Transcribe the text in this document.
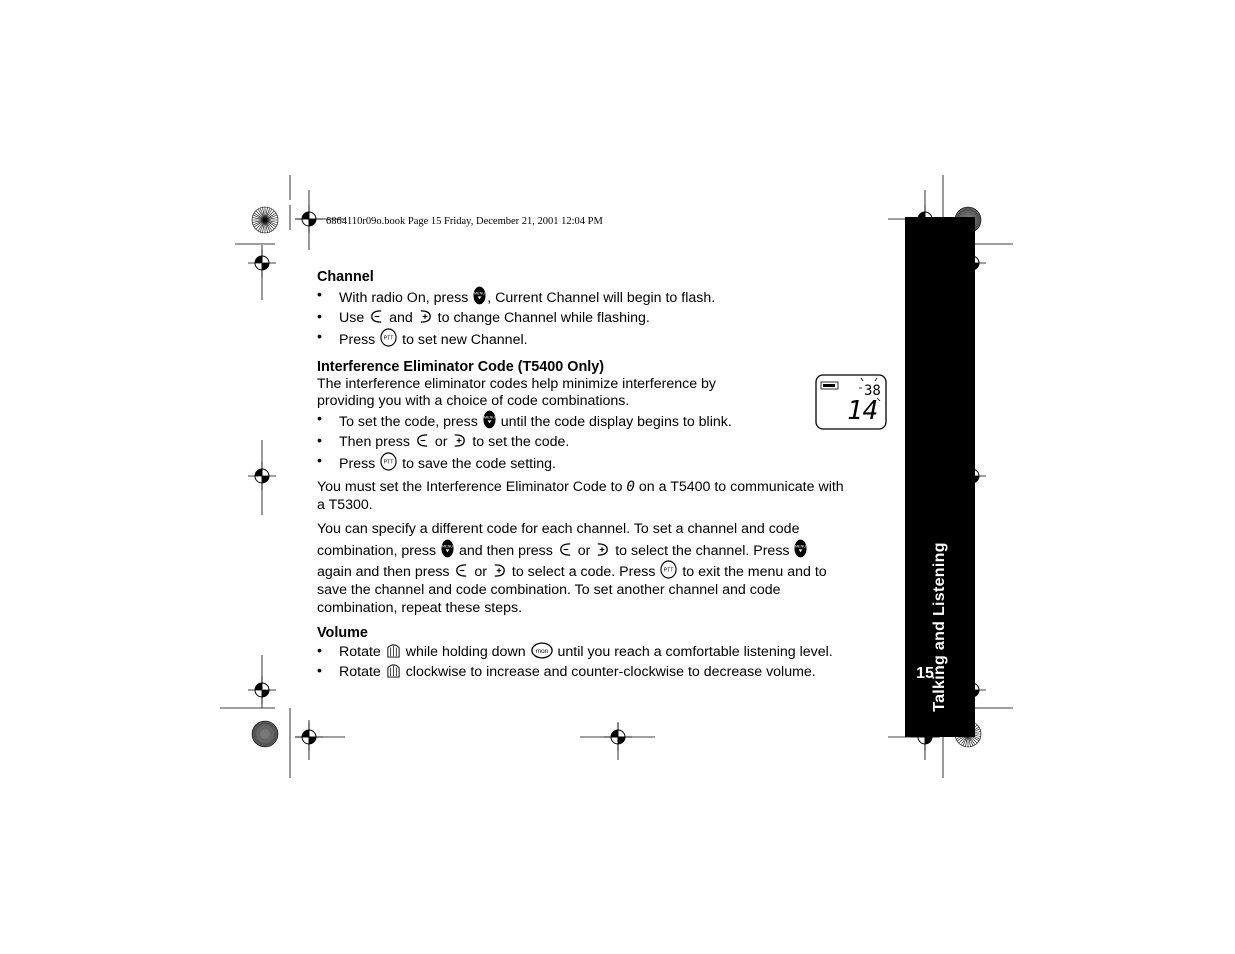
Talking and Listening
15
6864110r09o.book Page 15 Friday, December 21, 2001 12:04 PM
38
14
Channel
• With radio On, press , Current Channel will begin to flash.
• Use  and  to change Channel while flashing.
• Press  to set new Channel.
Interference Eliminator Code (T5400 Only)

The interference eliminator codes help minimize interference by

providing you with a choice of code combinations.

• To set the code, press  until the code display begins to blink.
• Then press  or  to set the code.
• Press  to save the code setting.

You must set the Interference Eliminator Code to 0 on a T5400 to communicate with
a T5300.

You can specify a different code for each channel. To set a channel and code
combination, press  and then press  or  to select the channel. Press
again and then press  or  to select a code. Press  to exit the menu and to
save the channel and code combination. To set another channel and code
combination, repeat these steps.

Volume
• Rotate  while holding down  until you reach a comfortable listening level.
• Rotate  clockwise to increase and counter-clockwise to decrease volume.
